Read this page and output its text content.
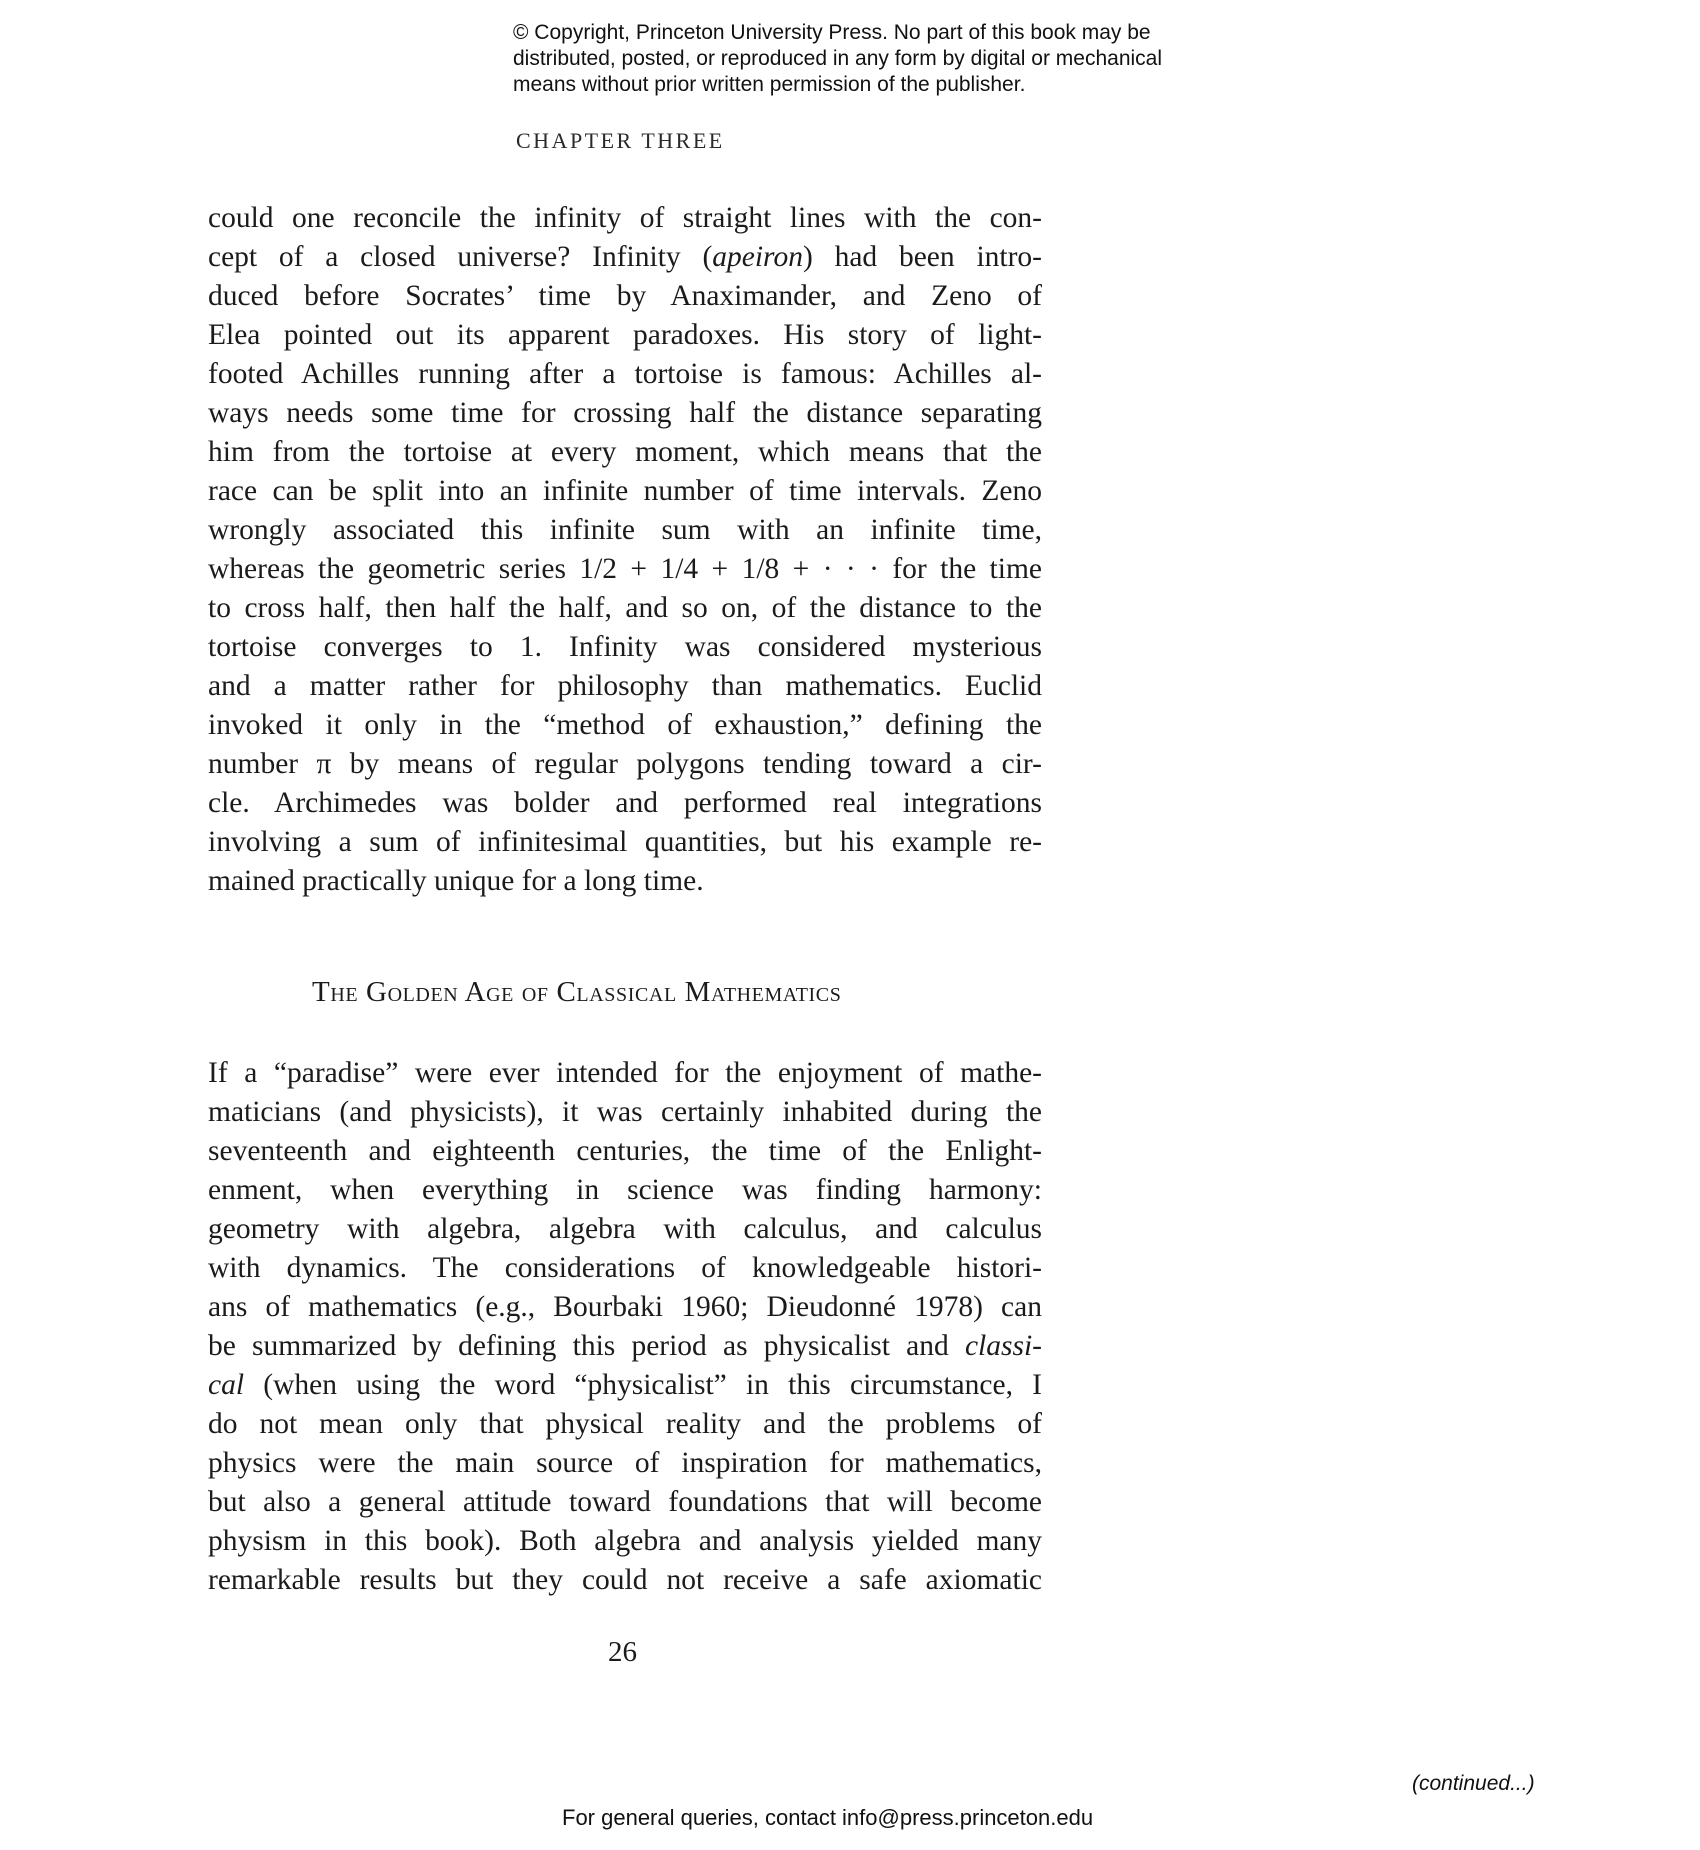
© Copyright, Princeton University Press. No part of this book may be
distributed, posted, or reproduced in any form by digital or mechanical
means without prior written permission of the publisher.
CHAPTER THREE
could one reconcile the infinity of straight lines with the con-
cept of a closed universe? Infinity (apeiron) had been intro-
duced before Socrates’ time by Anaximander, and Zeno of
Elea pointed out its apparent paradoxes. His story of light-
footed Achilles running after a tortoise is famous: Achilles al-
ways needs some time for crossing half the distance separating
him from the tortoise at every moment, which means that the
race can be split into an infinite number of time intervals. Zeno
wrongly associated this infinite sum with an infinite time,
whereas the geometric series 1/2 + 1/4 + 1/8 + · · · for the time
to cross half, then half the half, and so on, of the distance to the
tortoise converges to 1. Infinity was considered mysterious
and a matter rather for philosophy than mathematics. Euclid
invoked it only in the “method of exhaustion,” defining the
number π by means of regular polygons tending toward a cir-
cle. Archimedes was bolder and performed real integrations
involving a sum of infinitesimal quantities, but his example re-
mained practically unique for a long time.
The Golden Age of Classical Mathematics
If a “paradise” were ever intended for the enjoyment of mathe-
maticians (and physicists), it was certainly inhabited during the
seventeenth and eighteenth centuries, the time of the Enlight-
enment, when everything in science was finding harmony:
geometry with algebra, algebra with calculus, and calculus
with dynamics. The considerations of knowledgeable histori-
ans of mathematics (e.g., Bourbaki 1960; Dieudonné 1978) can
be summarized by defining this period as physicalist and classi-
cal (when using the word “physicalist” in this circumstance, I
do not mean only that physical reality and the problems of
physics were the main source of inspiration for mathematics,
but also a general attitude toward foundations that will become
physism in this book). Both algebra and analysis yielded many
remarkable results but they could not receive a safe axiomatic
26
(continued...)
For general queries, contact info@press.princeton.edu
